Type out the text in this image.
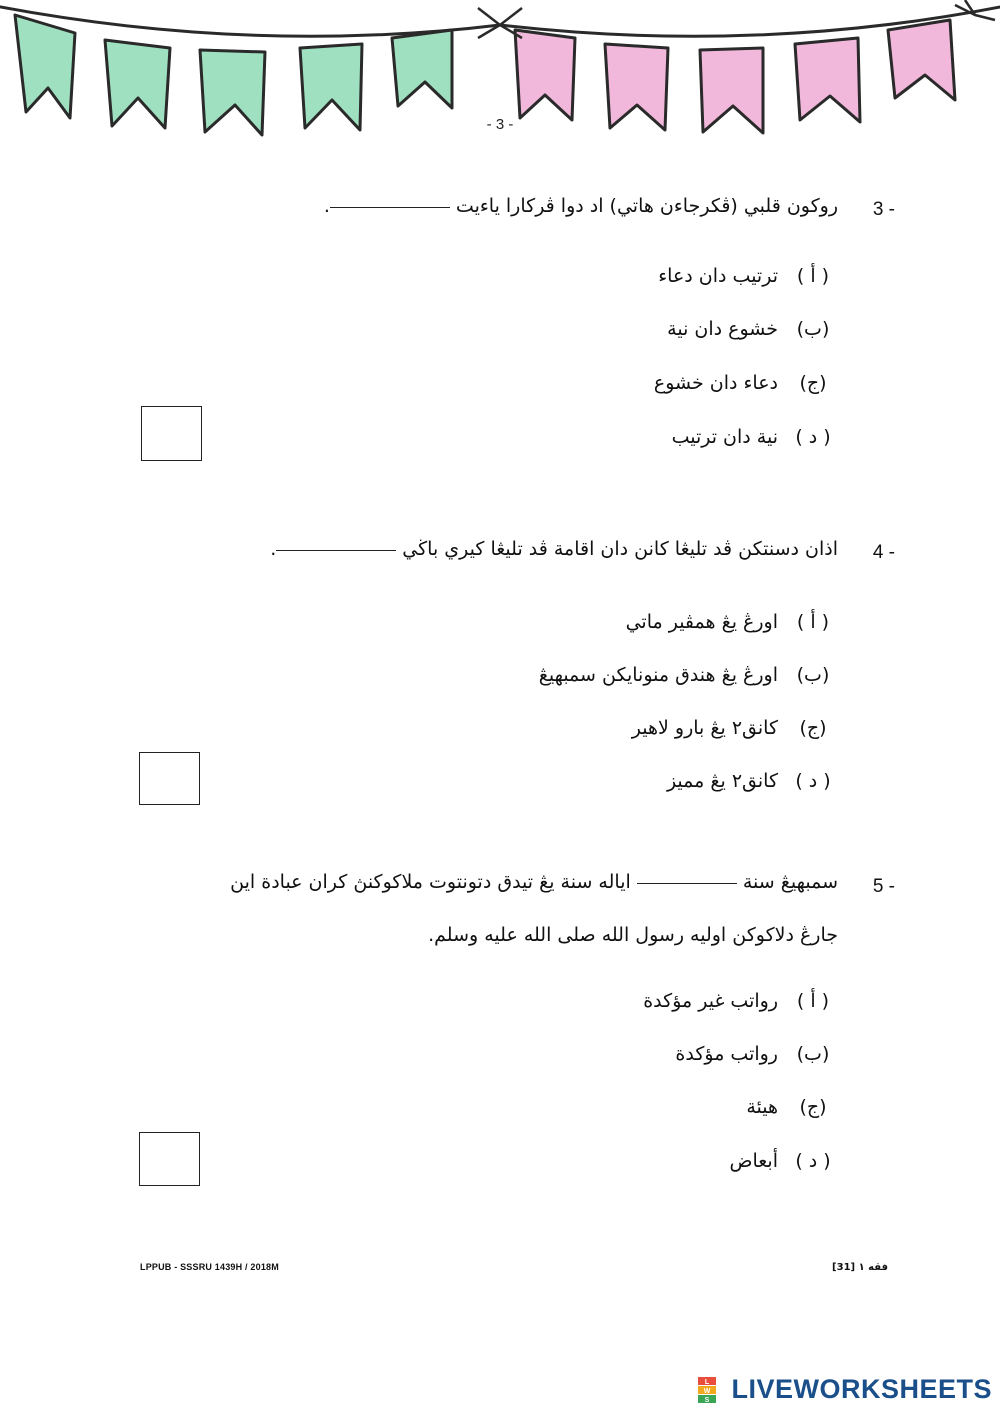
- 3 -
3 -
روكون قلبي (ڤكرجاءن هاتي) اد دوا ڤركارا ياءيت .
( أ )ترتيب دان دعاء
(ب)خشوع دان نية
(ج)دعاء دان خشوع
( د )نية دان ترتيب
4 -
اذان دسنتكن ڤد تليڠا كانن دان اقامة ڤد تليڠا كيري باڬي .
( أ )اورڠ يڠ همڤير ماتي
(ب)اورڠ يڠ هندق منونايكن سمبهيڠ
(ج)كانق٢ يڠ بارو لاهير
( د )كانق٢ يڠ مميز
5 -
سمبهيڠ سنة  اياله سنة يڠ تيدق دتونتوت ملاكوكنڽ كران عبادة اين
جارڠ دلاكوكن اوليه رسول الله صلى الله عليه وسلم.
( أ )رواتب غير مؤكدة
(ب)رواتب مؤكدة
(ج)هيئة
( د )أبعاض
LPPUB - SSSRU 1439H / 2018M	فقه ١ [31]
L
W
S LIVEWORKSHEETS
